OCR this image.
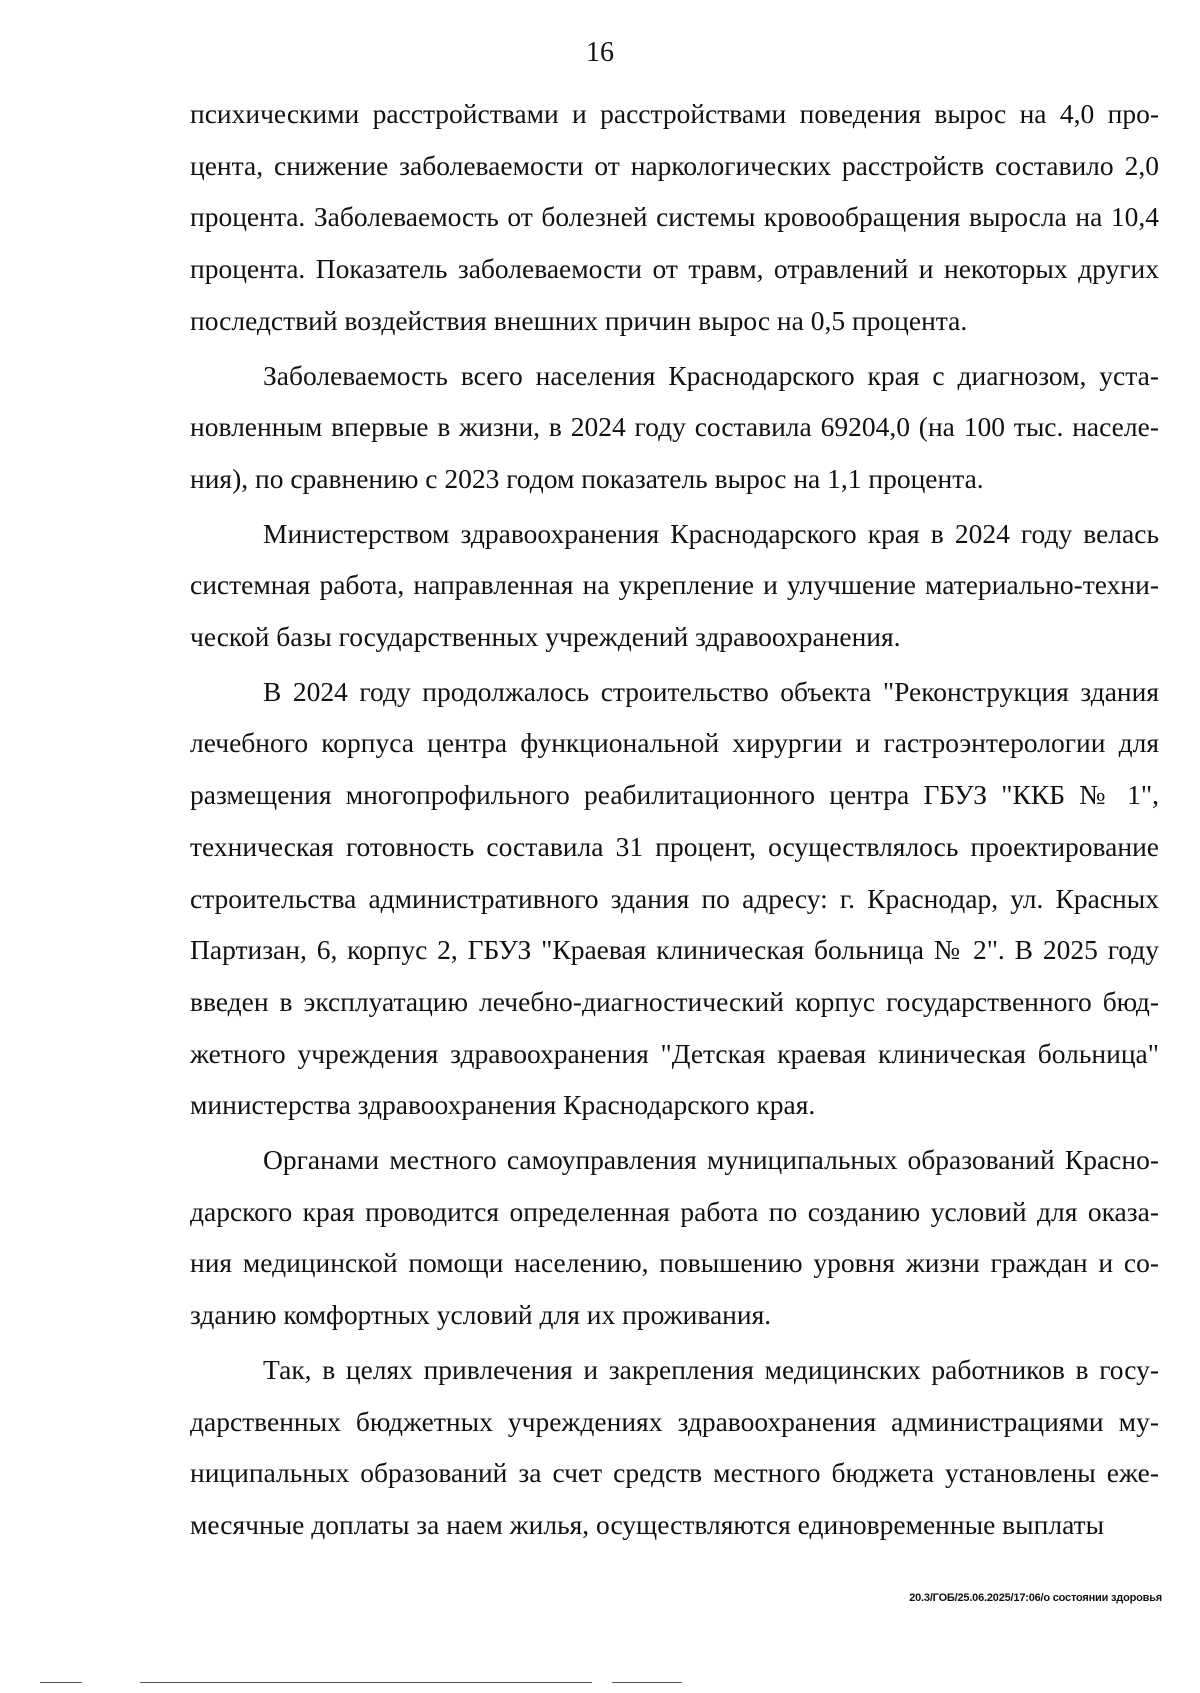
16

психическими расстройствами и расстройствами поведения вырос на 4,0 процента, снижение заболеваемости от наркологических расстройств составило 2,0 процента. Заболеваемость от болезней системы кровообращения выросла на 10,4 процента. Показатель заболеваемости от травм, отравлений и некоторых других последствий воздействия внешних причин вырос на 0,5 процента.

Заболеваемость всего населения Краснодарского края с диагнозом, установленным впервые в жизни, в 2024 году составила 69204,0 (на 100 тыс. населения), по сравнению с 2023 годом показатель вырос на 1,1 процента.

Министерством здравоохранения Краснодарского края в 2024 году велась системная работа, направленная на укрепление и улучшение материально-технической базы государственных учреждений здравоохранения.

В 2024 году продолжалось строительство объекта "Реконструкция здания лечебного корпуса центра функциональной хирургии и гастроэнтерологии для размещения многопрофильного реабилитационного центра ГБУЗ "ККБ № 1", техническая готовность составила 31 процент, осуществлялось проектирование строительства административного здания по адресу: г. Краснодар, ул. Красных Партизан, 6, корпус 2, ГБУЗ "Краевая клиническая больница № 2". В 2025 году введен в эксплуатацию лечебно-диагностический корпус государственного бюджетного учреждения здравоохранения "Детская краевая клиническая больница" министерства здравоохранения Краснодарского края.

Органами местного самоуправления муниципальных образований Краснодарского края проводится определенная работа по созданию условий для оказания медицинской помощи населению, повышению уровня жизни граждан и созданию комфортных условий для их проживания.

Так, в целях привлечения и закрепления медицинских работников в государственных бюджетных учреждениях здравоохранения администрациями муниципальных образований за счет средств местного бюджета установлены ежемесячные доплаты за наем жилья, осуществляются единовременные выплаты

20.3/ГОБ/25.06.2025/17:06/о состоянии здоровья
